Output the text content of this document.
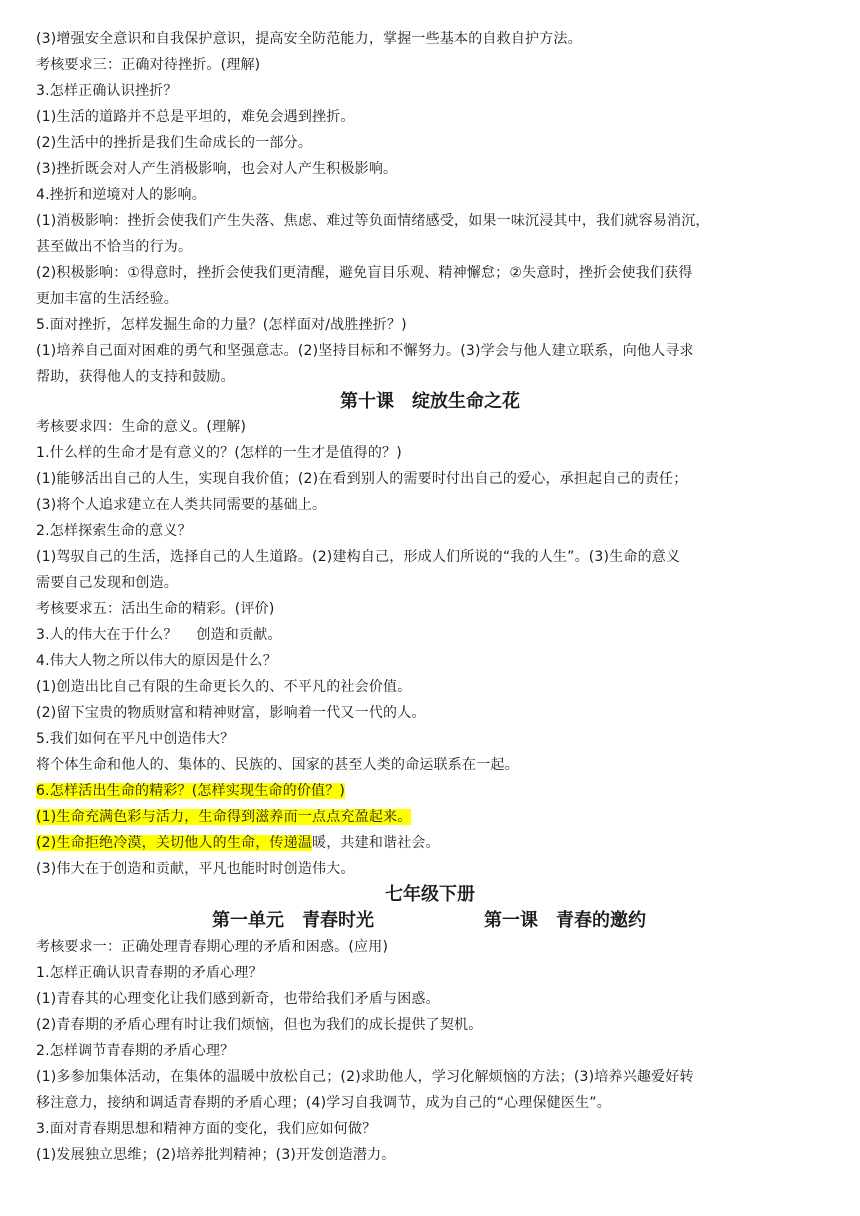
(3)增强安全意识和自我保护意识，提高安全防范能力，掌握一些基本的自救自护方法。
考核要求三：正确对待挫折。(理解)
3.怎样正确认识挫折？
(1)生活的道路并不总是平坦的，难免会遇到挫折。
(2)生活中的挫折是我们生命成长的一部分。
(3)挫折既会对人产生消极影响，也会对人产生积极影响。
4.挫折和逆境对人的影响。
(1)消极影响：挫折会使我们产生失落、焦虑、难过等负面情绪感受，如果一味沉浸其中，我们就容易消沉，
甚至做出不恰当的行为。
(2)积极影响：①得意时，挫折会使我们更清醒，避免盲目乐观、精神懈怠；②失意时，挫折会使我们获得
更加丰富的生活经验。
5.面对挫折，怎样发掘生命的力量？(怎样面对/战胜挫折？)
(1)培养自己面对困难的勇气和坚强意志。(2)坚持目标和不懈努力。(3)学会与他人建立联系，向他人寻求
帮助，获得他人的支持和鼓励。
第十课　绽放生命之花
考核要求四：生命的意义。(理解)
1.什么样的生命才是有意义的？(怎样的一生才是值得的？)
(1)能够活出自己的人生，实现自我价值；(2)在看到别人的需要时付出自己的爱心，承担起自己的责任；
(3)将个人追求建立在人类共同需要的基础上。
2.怎样探索生命的意义？
(1)驾驭自己的生活，选择自己的人生道路。(2)建构自己，形成人们所说的“我的人生”。(3)生命的意义
需要自己发现和创造。
考核要求五：活出生命的精彩。(评价)
3.人的伟大在于什么？　 创造和贡献。
4.伟大人物之所以伟大的原因是什么？
(1)创造出比自己有限的生命更长久的、不平凡的社会价值。
(2)留下宝贵的物质财富和精神财富，影响着一代又一代的人。
5.我们如何在平凡中创造伟大？
将个体生命和他人的、集体的、民族的、国家的甚至人类的命运联系在一起。
6.怎样活出生命的精彩？(怎样实现生命的价值？)
(1)生命充满色彩与活力，生命得到滋养而一点点充盈起来。
(2)生命拒绝冷漠，关切他人的生命，传递温暖，共建和谐社会。
(3)伟大在于创造和贡献，平凡也能时时创造伟大。
七年级下册
第一单元　青春时光	第一课　青春的邀约
考核要求一：正确处理青春期心理的矛盾和困惑。(应用)
1.怎样正确认识青春期的矛盾心理？
(1)青春其的心理变化让我们感到新奇，也带给我们矛盾与困惑。
(2)青春期的矛盾心理有时让我们烦恼，但也为我们的成长提供了契机。
2.怎样调节青春期的矛盾心理？
(1)多参加集体活动，在集体的温暖中放松自己；(2)求助他人，学习化解烦恼的方法；(3)培养兴趣爱好转
移注意力，接纳和调适青春期的矛盾心理；(4)学习自我调节，成为自己的“心理保健医生”。
3.面对青春期思想和精神方面的变化，我们应如何做？
(1)发展独立思维；(2)培养批判精神；(3)开发创造潜力。
